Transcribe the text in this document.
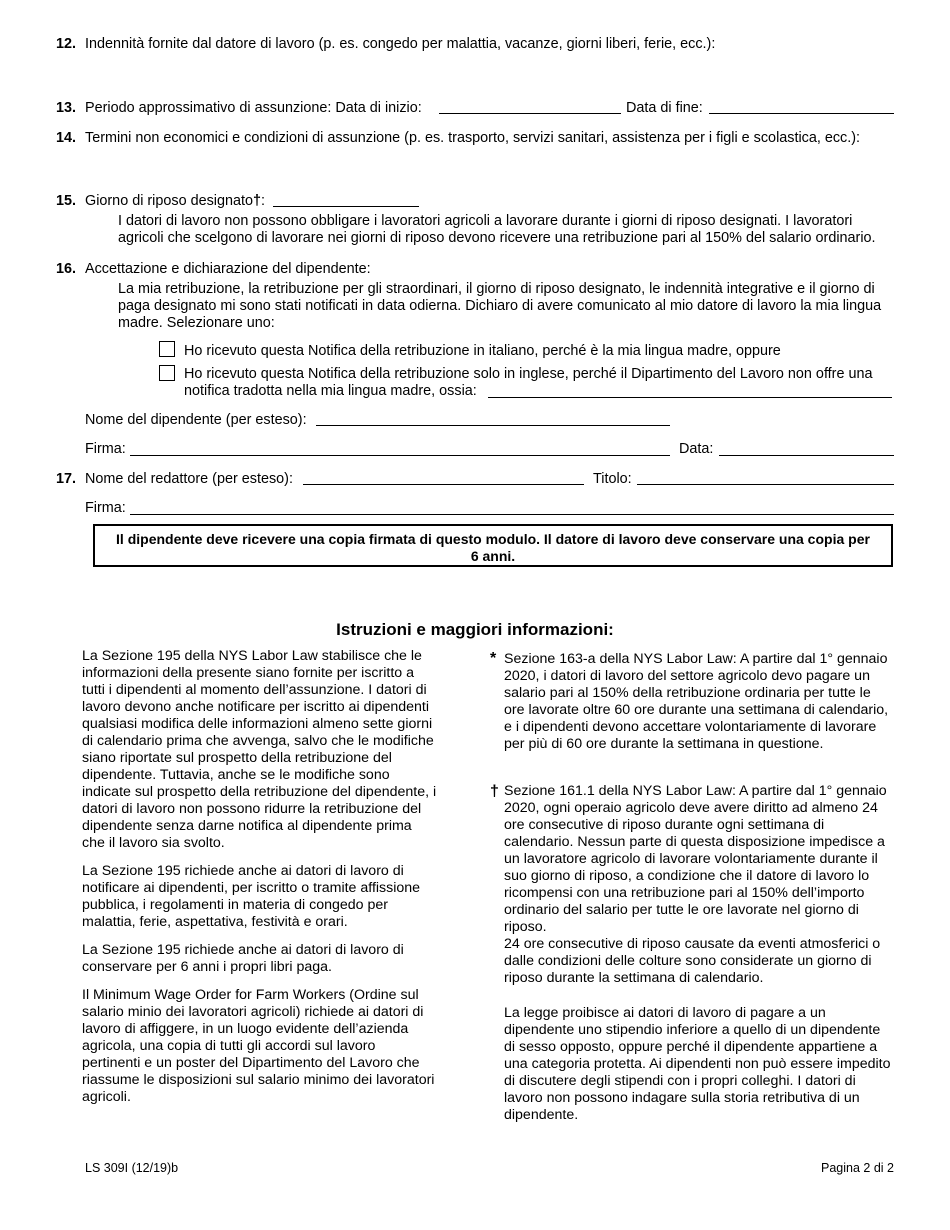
12. Indennità fornite dal datore di lavoro (p. es. congedo per malattia, vacanze, giorni liberi, ferie, ecc.):
13. Periodo approssimativo di assunzione: Data di inizio:	Data di fine:
14. Termini non economici e condizioni di assunzione (p. es. trasporto, servizi sanitari, assistenza per i figli e scolastica, ecc.):
15. Giorno di riposo designato†:
I datori di lavoro non possono obbligare i lavoratori agricoli a lavorare durante i giorni di riposo designati. I lavoratori agricoli che scelgono di lavorare nei giorni di riposo devono ricevere una retribuzione pari al 150% del salario ordinario.
16. Accettazione e dichiarazione del dipendente:
La mia retribuzione, la retribuzione per gli straordinari, il giorno di riposo designato, le indennità integrative e il giorno di paga designato mi sono stati notificati in data odierna. Dichiaro di avere comunicato al mio datore di lavoro la mia lingua madre. Selezionare uno:
Ho ricevuto questa Notifica della retribuzione in italiano, perché è la mia lingua madre, oppure
Ho ricevuto questa Notifica della retribuzione solo in inglese, perché il Dipartimento del Lavoro non offre una
notifica tradotta nella mia lingua madre, ossia:
Nome del dipendente (per esteso):
Firma:	Data:
17. Nome del redattore (per esteso):	Titolo:
Firma:
Il dipendente deve ricevere una copia firmata di questo modulo. Il datore di lavoro deve conservare una copia per 6 anni.
Istruzioni e maggiori informazioni:

La Sezione 195 della NYS Labor Law stabilisce che le informazioni della presente siano fornite per iscritto a tutti i dipendenti al momento dell’assunzione. I datori di lavoro devono anche notificare per iscritto ai dipendenti qualsiasi modifica delle informazioni almeno sette giorni di calendario prima che avvenga, salvo che le modifiche siano riportate sul prospetto della retribuzione del dipendente. Tuttavia, anche se le modifiche sono indicate sul prospetto della retribuzione del dipendente, i datori di lavoro non possono ridurre la retribuzione del dipendente senza darne notifica al dipendente prima che il lavoro sia svolto.

La Sezione 195 richiede anche ai datori di lavoro di notificare ai dipendenti, per iscritto o tramite affissione pubblica, i regolamenti in materia di congedo per malattia, ferie, aspettativa, festività e orari.

La Sezione 195 richiede anche ai datori di lavoro di conservare per 6 anni i propri libri paga.

Il Minimum Wage Order for Farm Workers (Ordine sul salario minio dei lavoratori agricoli) richiede ai datori di lavoro di affiggere, in un luogo evidente dell’azienda agricola, una copia di tutti gli accordi sul lavoro pertinenti e un poster del Dipartimento del Lavoro che riassume le disposizioni sul salario minimo dei lavoratori agricoli.

* Sezione 163-a della NYS Labor Law: A partire dal 1° gennaio 2020, i datori di lavoro del settore agricolo devo pagare un salario pari al 150% della retribuzione ordinaria per tutte le ore lavorate oltre 60 ore durante una settimana di calendario, e i dipendenti devono accettare volontariamente di lavorare per più di 60 ore durante la settimana in questione.
† Sezione 161.1 della NYS Labor Law: A partire dal 1° gennaio 2020, ogni operaio agricolo deve avere diritto ad almeno 24 ore consecutive di riposo durante ogni settimana di calendario. Nessun parte di questa disposizione impedisce a un lavoratore agricolo di lavorare volontariamente durante il suo giorno di riposo, a condizione che il datore di lavoro lo ricompensi con una retribuzione pari al 150% dell’importo ordinario del salario per tutte le ore lavorate nel giorno di riposo.
24 ore consecutive di riposo causate da eventi atmosferici o dalle condizioni delle colture sono considerate un giorno di riposo durante la settimana di calendario.
La legge proibisce ai datori di lavoro di pagare a un dipendente uno stipendio inferiore a quello di un dipendente di sesso opposto, oppure perché il dipendente appartiene a una categoria protetta. Ai dipendenti non può essere impedito di discutere degli stipendi con i propri colleghi. I datori di lavoro non possono indagare sulla storia retributiva di un dipendente.
LS 309I (12/19)b	Pagina 2 di 2
